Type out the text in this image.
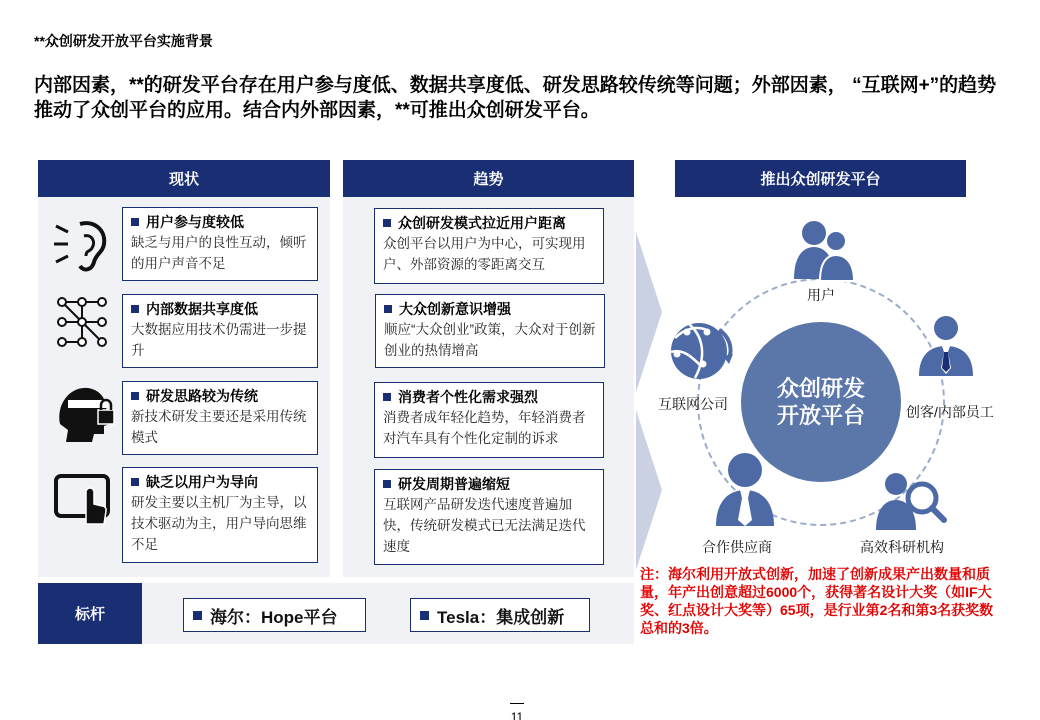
**众创研发开放平台实施背景
内部因素，**的研发平台存在用户参与度低、数据共享度低、研发思路较传统等问题；外部因素， “互联网+”的趋势推动了众创平台的应用。结合内外部因素，**可推出众创研发平台。
现状	趋势	推出众创研发平台
用户参与度较低
缺乏与用户的良性互动，倾听的用户声音不足
内部数据共享度低
大数据应用技术仍需进一步提升
研发思路较为传统
新技术研发主要还是采用传统模式
缺乏以用户为导向
研发主要以主机厂为主导，以技术驱动为主，用户导向思维不足
众创研发模式拉近用户距离
众创平台以用户为中心，可实现用户、外部资源的零距离交互
大众创新意识增强
顺应“大众创业”政策，大众对于创新创业的热情增高
消费者个性化需求强烈
消费者成年轻化趋势，年轻消费者对汽车具有个性化定制的诉求
研发周期普遍缩短
互联网产品研发迭代速度普遍加快，传统研发模式已无法满足迭代速度
众创研发
开放平台
用户
创客/内部员工
高效科研机构
合作供应商
互联网公司
标杆	海尔：Hope平台	Tesla：集成创新
注：海尔利用开放式创新，加速了创新成果产出数量和质量，年产出创意超过6000个，获得著名设计大奖（如IF大奖、红点设计大奖等）65项，是行业第2名和第3名获奖数总和的3倍。
11
